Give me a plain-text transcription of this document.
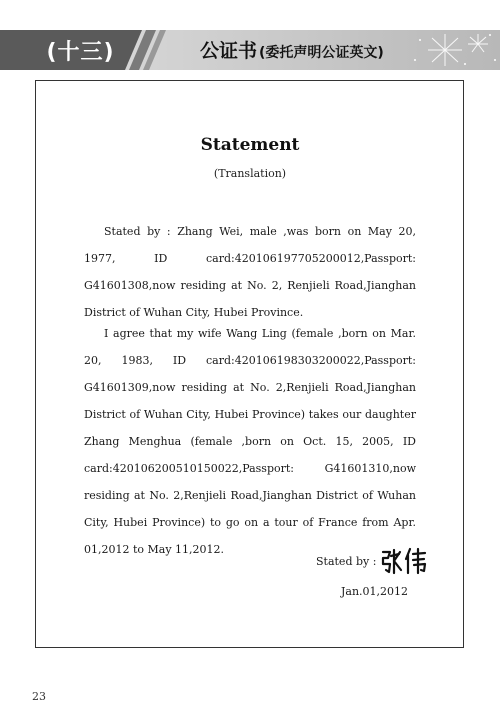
(十三)	公证书 (委托声明公证英文)
Statement
(Translation)
Stated by : Zhang Wei, male ,was born on May 20, 1977, ID card:420106197705200012,Passport: G41601308,now residing at No. 2, Renjieli Road,Jianghan District of Wuhan City, Hubei Province.
I agree that my wife Wang Ling (female ,born on Mar. 20, 1983, ID card:420106198303200022,Passport: G41601309,now residing at No. 2,Renjieli Road,Jianghan District of Wuhan City, Hubei Province) takes our daughter Zhang Menghua (female ,born on Oct. 15, 2005, ID card:420106200510150022,Passport: G41601310,now residing at No. 2,Renjieli Road,Jianghan District of Wuhan City, Hubei Province) to go on a tour of France from Apr. 01,2012 to May 11,2012.
Stated by :
Jan.01,2012
23
